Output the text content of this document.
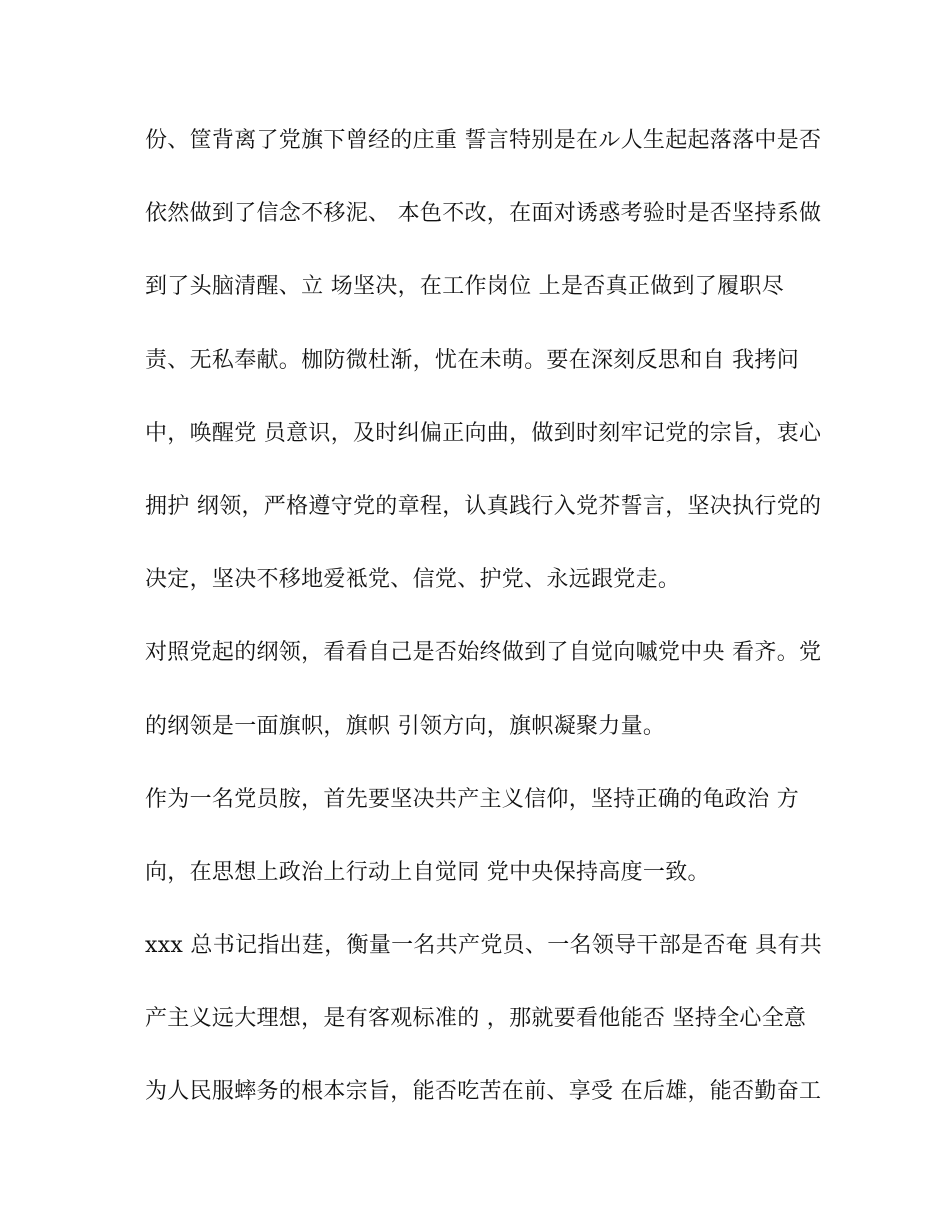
份、筐背离了党旗下曾经的庄重 誓言特别是在ル人生起起落落中是否
依然做到了信念不移泥、 本色不改，在面对诱惑考验时是否坚持系做
到了头脑清醒、立 场坚决，在工作岗位 上是否真正做到了履职尽
责、无私奉献。枷防微杜渐，忧在未萌。要在深刻反思和自 我拷问
中，唤醒党 员意识，及时纠偏正向曲，做到时刻牢记党的宗旨，衷心
拥护 纲领，严格遵守党的章程，认真践行入党芥誓言，坚决执行党的
决定，坚决不移地爱袛党、信党、护党、永远跟党走。
对照党起的纲领，看看自己是否始终做到了自觉向嘁党中央 看齐。党
的纲领是一面旗帜，旗帜 引领方向，旗帜凝聚力量。
作为一名党员胺，首先要坚决共产主义信仰，坚持正确的龟政治 方
向，在思想上政治上行动上自觉同 党中央保持高度一致。
xxx 总书记指出莛，衡量一名共产党员、一名领导干部是否奄 具有共
产主义远大理想，是有客观标准的 ，那就要看他能否 坚持全心全意
为人民服蟀务的根本宗旨，能否吃苦在前、享受 在后雄，能否勤奋工
